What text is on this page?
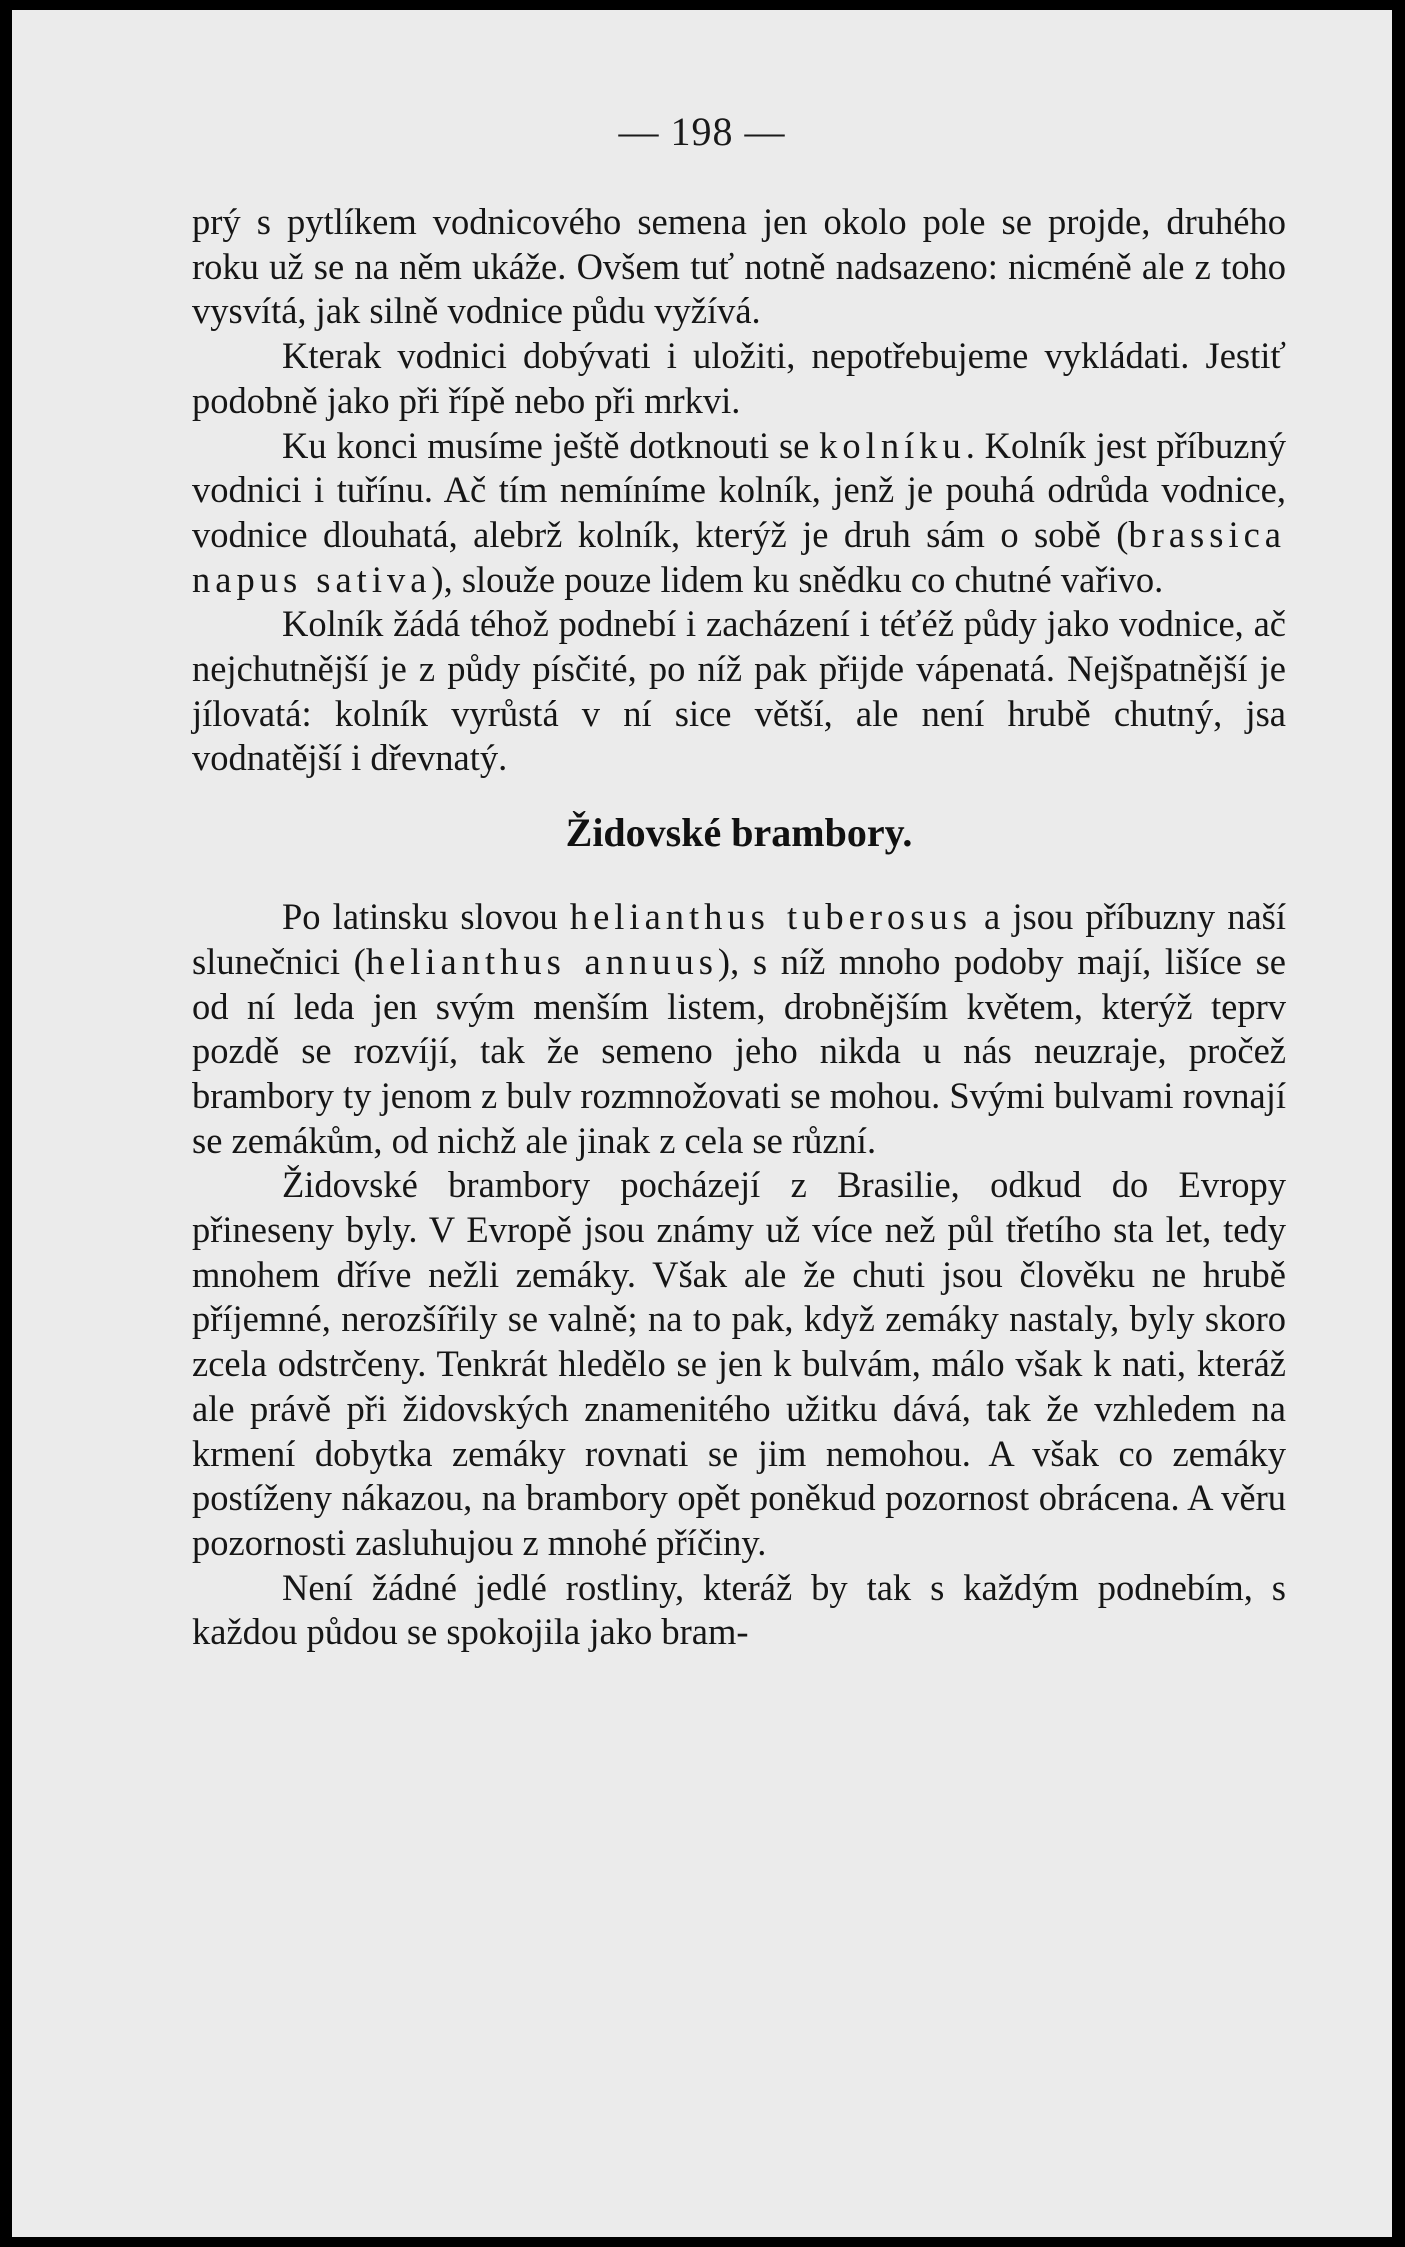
— 198 —

prý s pytlíkem vodnicového semena jen okolo pole se projde, druhého roku už se na něm ukáže. Ovšem tuť notně nadsazeno: nicméně ale z toho vysvítá, jak silně vodnice půdu vyžívá.

Kterak vodnici dobývati i uložiti, nepotřebujeme vykládati. Jestiť podobně jako při řípě nebo při mrkvi.

Ku konci musíme ještě dotknouti se kolníku. Kolník jest příbuzný vodnici i tuřínu. Ač tím nemíníme kolník, jenž je pouhá odrůda vodnice, vodnice dlouhatá, alebrž kolník, kterýž je druh sám o sobě (brassica napus sativa), slouže pouze lidem ku snědku co chutné vařivo.

Kolník žádá téhož podnebí i zacházení i téťéž půdy jako vodnice, ač nejchutnější je z půdy písčité, po níž pak přijde vápenatá. Nejšpatnější je jílovatá: kolník vyrůstá v ní sice větší, ale není hrubě chutný, jsa vodnatější i dřevnatý.

Židovské brambory.

Po latinsku slovou helianthus tuberosus a jsou příbuzny naší slunečnici (helianthus annuus), s níž mnoho podoby mají, lišíce se od ní leda jen svým menším listem, drobnějším květem, kterýž teprv pozdě se rozvíjí, tak že semeno jeho nikda u nás neuzraje, pročež brambory ty jenom z bulv rozmnožovati se mohou. Svými bulvami rovnají se zemákům, od nichž ale jinak z cela se různí.

Židovské brambory pocházejí z Brasilie, odkud do Evropy přineseny byly. V Evropě jsou známy už více než půl třetího sta let, tedy mnohem dříve nežli zemáky. Však ale že chuti jsou člověku ne hrubě příjemné, nerozšířily se valně; na to pak, když zemáky nastaly, byly skoro zcela odstrčeny. Tenkrát hledělo se jen k bulvám, málo však k nati, kteráž ale právě při židovských znamenitého užitku dává, tak že vzhledem na krmení dobytka zemáky rovnati se jim nemohou. A však co zemáky postíženy nákazou, na brambory opět poněkud pozornost obrácena. A věru pozornosti zasluhujou z mnohé příčiny.

Není žádné jedlé rostliny, kteráž by tak s každým podnebím, s každou půdou se spokojila jako bram-
